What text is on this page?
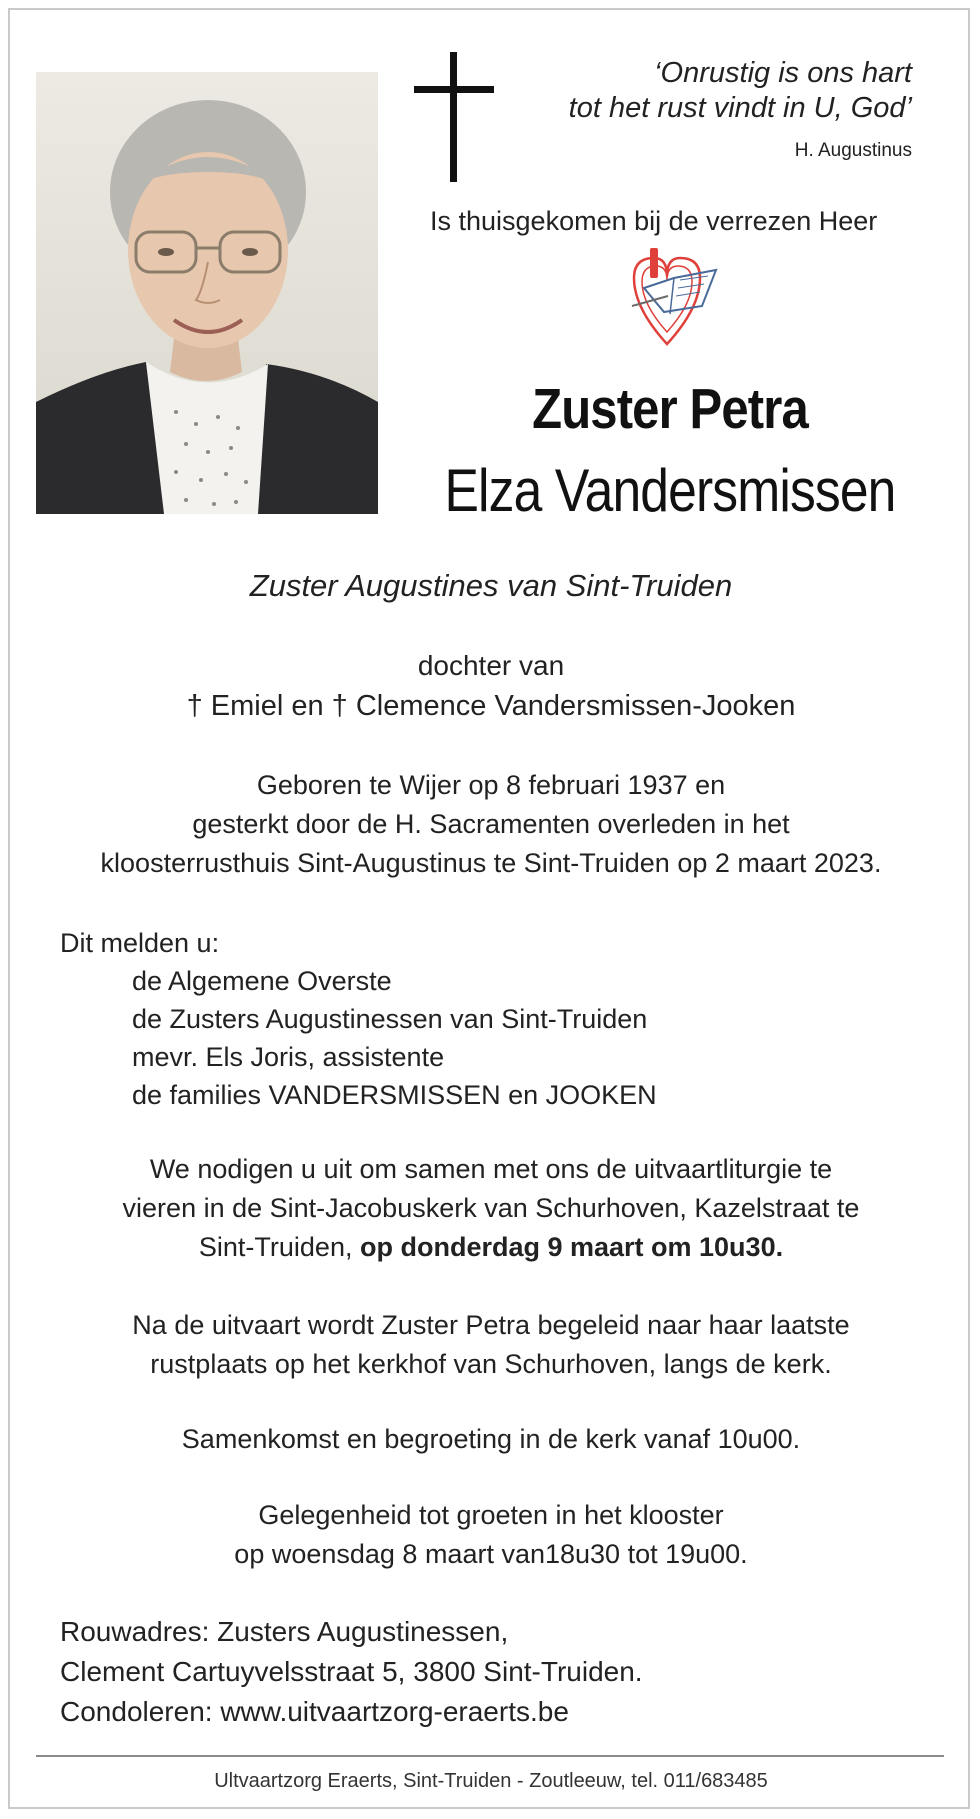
‘Onrustig is ons hart
tot het rust vindt in U, God’
H. Augustinus
Is thuisgekomen bij de verrezen Heer
Zuster Petra
Elza Vandersmissen
Zuster Augustines van Sint-Truiden
dochter van
† Emiel en † Clemence Vandersmissen-Jooken
Geboren te Wijer op 8 februari 1937 en
gesterkt door de H. Sacramenten overleden in het
kloosterrusthuis Sint-Augustinus te Sint-Truiden op 2 maart 2023.
Dit melden u:
de Algemene Overste
de Zusters Augustinessen van Sint-Truiden
mevr. Els Joris, assistente
de families VANDERSMISSEN en JOOKEN
We nodigen u uit om samen met ons de uitvaartliturgie te
vieren in de Sint-Jacobuskerk van Schurhoven, Kazelstraat te
Sint-Truiden, op donderdag 9 maart om 10u30.
Na de uitvaart wordt Zuster Petra begeleid naar haar laatste
rustplaats op het kerkhof van Schurhoven, langs de kerk.
Samenkomst en begroeting in de kerk vanaf 10u00.
Gelegenheid tot groeten in het klooster
op woensdag 8 maart van18u30 tot 19u00.
Rouwadres: Zusters Augustinessen,
Clement Cartuyvelsstraat 5, 3800 Sint-Truiden.
Condoleren: www.uitvaartzorg-eraerts.be
Ultvaartzorg Eraerts, Sint-Truiden - Zoutleeuw, tel. 011/683485
